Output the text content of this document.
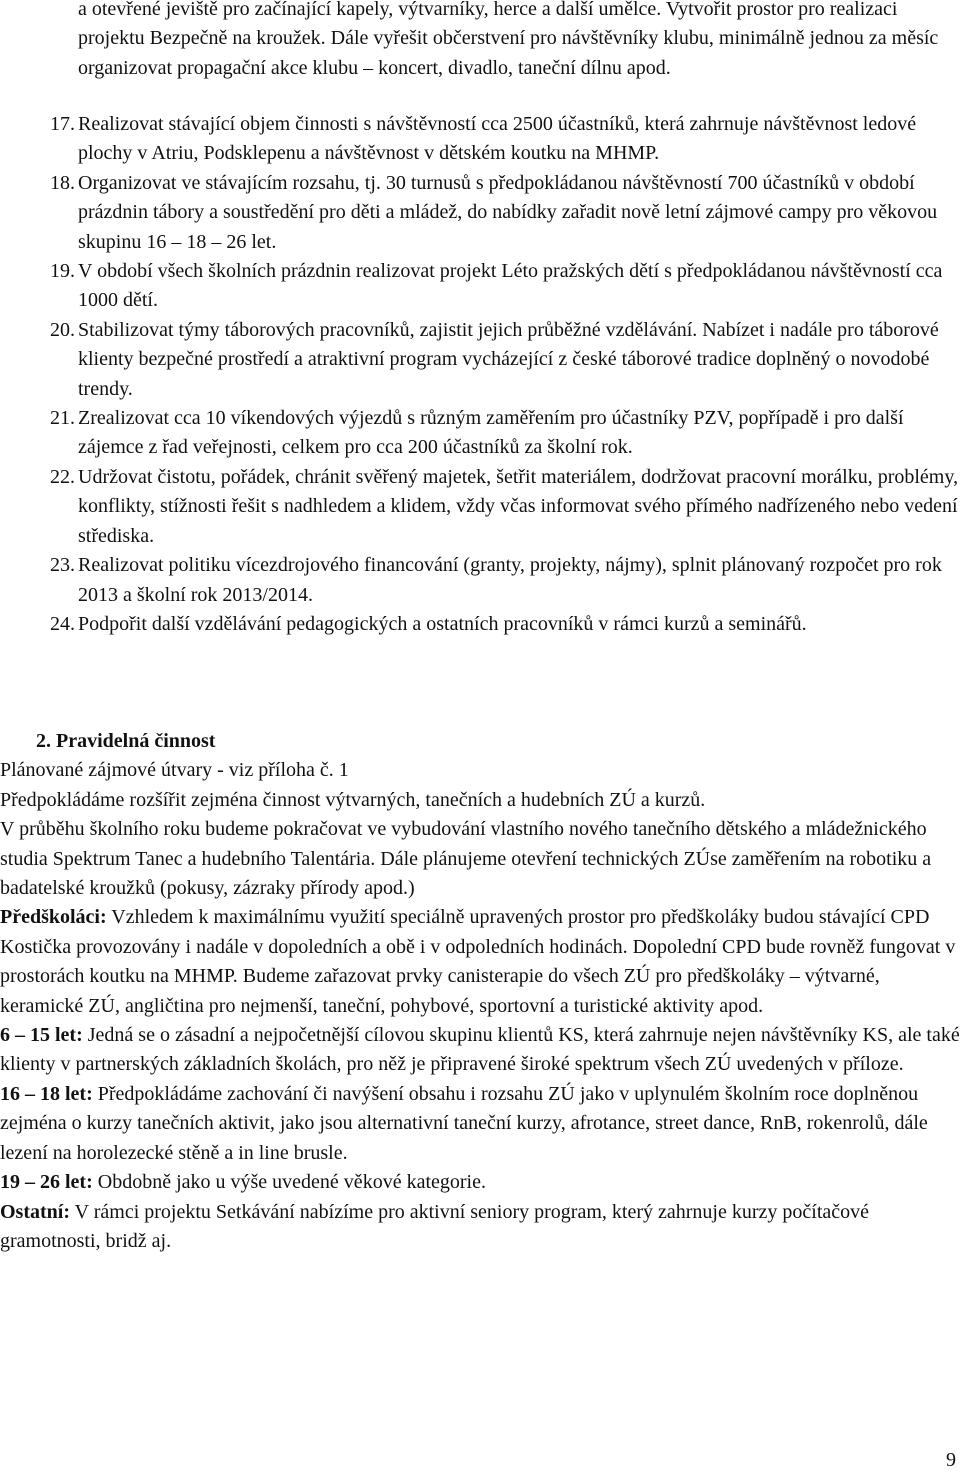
a otevřené jeviště pro začínající kapely, výtvarníky, herce a další umělce. Vytvořit prostor pro realizaci projektu Bezpečně na kroužek. Dále vyřešit občerstvení pro návštěvníky klubu, minimálně jednou za měsíc organizovat propagační akce klubu – koncert, divadlo, taneční dílnu apod.

17. Realizovat stávající objem činnosti s návštěvností cca 2500 účastníků, která zahrnuje návštěvnost ledové plochy v Atriu, Podsklepenu a návštěvnost v dětském koutku na MHMP.
18. Organizovat ve stávajícím rozsahu, tj. 30 turnusů s předpokládanou návštěvností 700 účastníků v období prázdnin tábory a soustředění pro děti a mládež, do nabídky zařadit nově letní zájmové campy pro věkovou skupinu 16 – 18 – 26 let.
19. V období všech školních prázdnin realizovat projekt Léto pražských dětí s předpokládanou návštěvností cca 1000 dětí.
20. Stabilizovat týmy táborových pracovníků, zajistit jejich průběžné vzdělávání. Nabízet i nadále pro táborové klienty bezpečné prostředí a atraktivní program vycházející z české táborové tradice doplněný o novodobé trendy.
21. Zrealizovat cca 10 víkendových výjezdů s různým zaměřením pro účastníky PZV, popřípadě i pro další zájemce z řad veřejnosti, celkem pro cca 200 účastníků za školní rok.
22. Udržovat čistotu, pořádek, chránit svěřený majetek, šetřit materiálem, dodržovat pracovní morálku, problémy, konflikty, stížnosti řešit s nadhledem a klidem, vždy včas informovat svého přímého nadřízeného nebo vedení střediska.
23. Realizovat politiku vícezdrojového financování (granty, projekty, nájmy), splnit plánovaný rozpočet pro rok 2013 a školní rok 2013/2014.
24. Podpořit další vzdělávání pedagogických a ostatních pracovníků v rámci kurzů a seminářů.
2. Pravidelná činnost

Plánované zájmové útvary - viz příloha č. 1

Předpokládáme rozšířit zejména činnost výtvarných, tanečních a hudebních ZÚ a kurzů.

V průběhu školního roku budeme pokračovat ve vybudování vlastního nového tanečního dětského a mládežnického studia Spektrum Tanec a hudebního Talentária. Dále plánujeme otevření technických ZÚse zaměřením na robotiku a badatelské kroužků (pokusy, zázraky přírody apod.)

Předškoláci: Vzhledem k maximálnímu využití speciálně upravených prostor pro předškoláky budou stávající CPD Kostička provozovány i nadále v dopoledních a obě i v odpoledních hodinách. Dopolední CPD bude rovněž fungovat v prostorách koutku na MHMP. Budeme zařazovat prvky canisterapie do všech ZÚ pro předškoláky – výtvarné, keramické ZÚ, angličtina pro nejmenší, taneční, pohybové, sportovní a turistické aktivity apod.

6 – 15 let: Jedná se o zásadní a nejpočetnější cílovou skupinu klientů KS, která zahrnuje nejen návštěvníky KS, ale také klienty v partnerských základních školách, pro něž je připravené široké spektrum všech ZÚ uvedených v příloze.

16 – 18 let: Předpokládáme zachování či navýšení obsahu i rozsahu ZÚ jako v uplynulém školním roce doplněnou zejména o kurzy tanečních aktivit, jako jsou alternativní taneční kurzy, afrotance, street dance, RnB, rokenrolů, dále lezení na horolezecké stěně a in line brusle.

19 – 26 let: Obdobně jako u výše uvedené věkové kategorie.

Ostatní: V rámci projektu Setkávání nabízíme pro aktivní seniory program, který zahrnuje kurzy počítačové gramotnosti, bridž aj.

9
